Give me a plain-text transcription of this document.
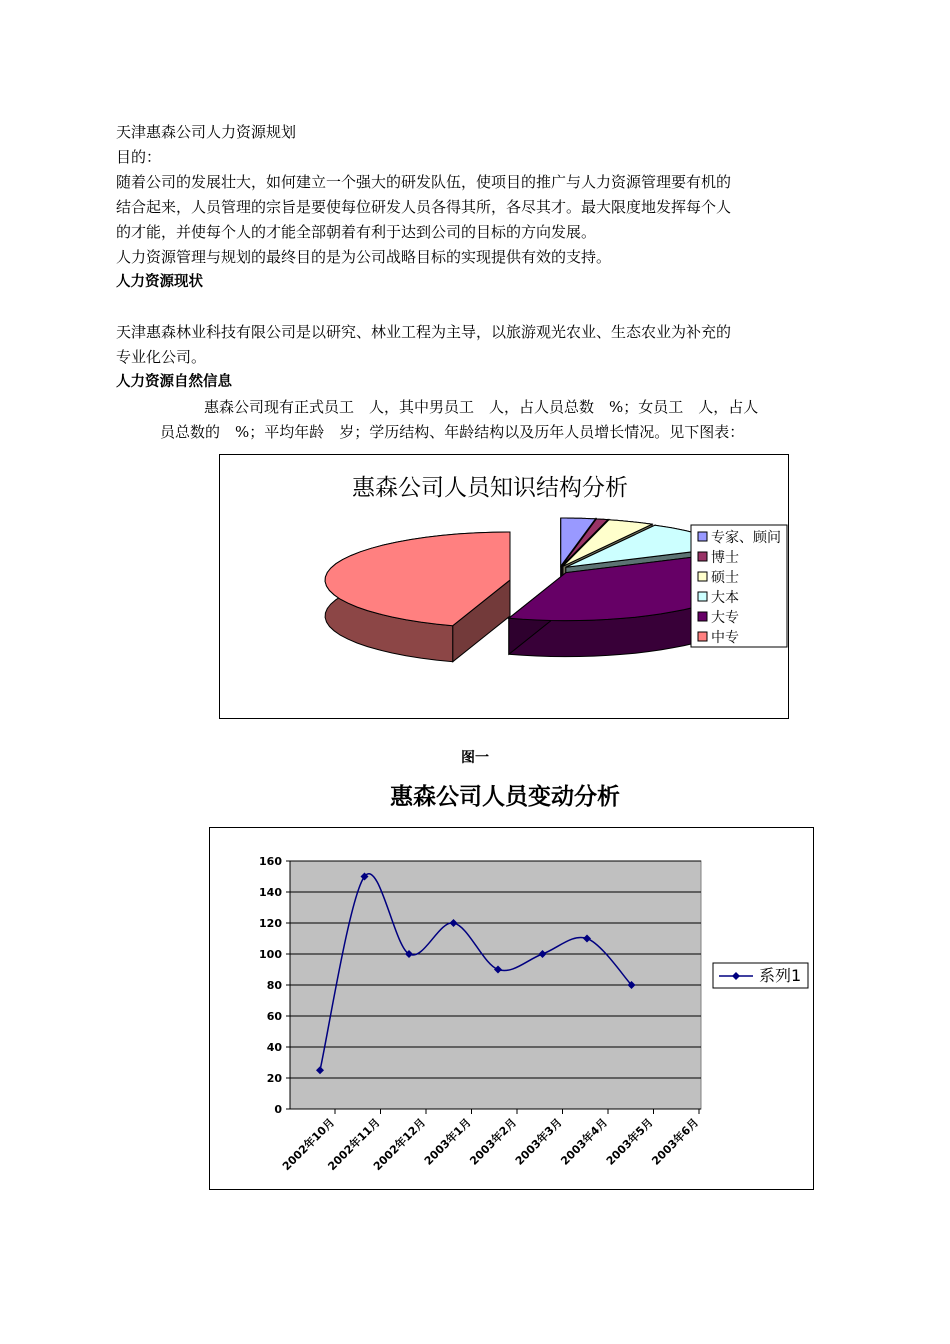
天津惠森公司人力资源规划
目的：
随着公司的发展壮大，如何建立一个强大的研发队伍，使项目的推广与人力资源管理要有机的
结合起来，人员管理的宗旨是要使每位研发人员各得其所，各尽其才。最大限度地发挥每个人
的才能，并使每个人的才能全部朝着有利于达到公司的目标的方向发展。
人力资源管理与规划的最终目的是为公司战略目标的实现提供有效的支持。
人力资源现状
天津惠森林业科技有限公司是以研究、林业工程为主导，以旅游观光农业、生态农业为补充的
专业化公司。
人力资源自然信息
惠森公司现有正式员工　人，其中男员工　人，占人员总数　%；女员工　人，占人
员总数的　%；平均年龄　岁；学历结构、年龄结构以及历年人员增长情况。见下图表：
惠森公司人员知识结构分析
专家、顾问
博士
硕士
大本
大专
中专
图一
惠森公司人员变动分析
0
20
40
60
80
100
120
140
160
2002年10月
2002年11月
2002年12月
2003年1月
2003年2月
2003年3月
2003年4月
2003年5月
2003年6月
系列1
